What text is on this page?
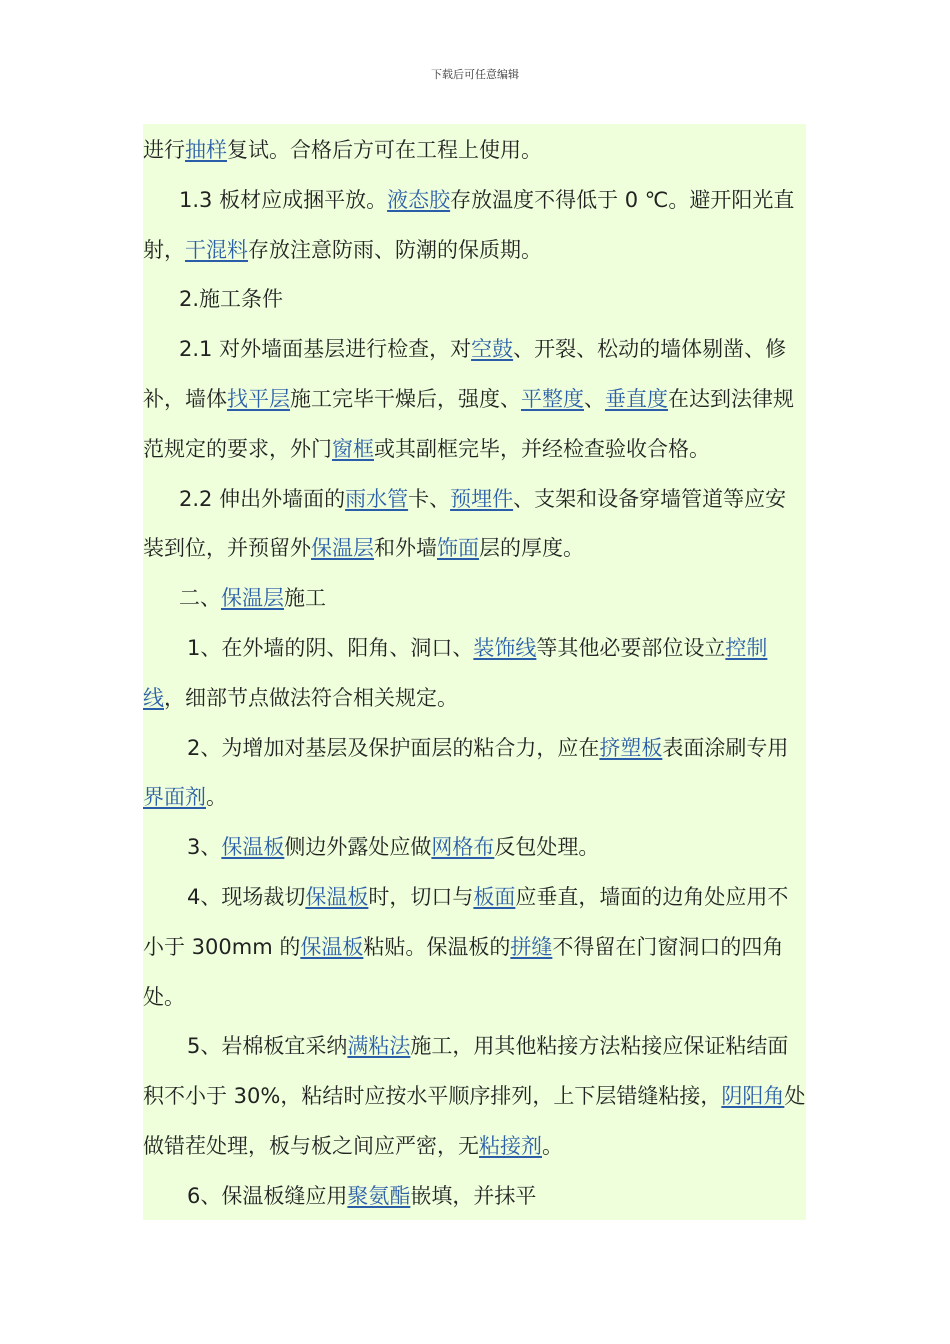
下载后可任意编辑

进行抽样复试。合格后方可在工程上使用。

1.3 板材应成捆平放。液态胶存放温度不得低于 0 ℃。避开阳光直射，干混料存放注意防雨、防潮的保质期。

2.施工条件

2.1 对外墙面基层进行检查，对空鼓、开裂、松动的墙体剔凿、修补，墙体找平层施工完毕干燥后，强度、平整度、垂直度在达到法律规范规定的要求，外门窗框或其副框完毕，并经检查验收合格。

2.2 伸出外墙面的雨水管卡、预埋件、支架和设备穿墙管道等应安装到位，并预留外保温层和外墙饰面层的厚度。

二、保温层施工

1、在外墙的阴、阳角、洞口、装饰线等其他必要部位设立控制线，细部节点做法符合相关规定。

2、为增加对基层及保护面层的粘合力，应在挤塑板表面涂刷专用界面剂。

3、保温板侧边外露处应做网格布反包处理。

4、现场裁切保温板时，切口与板面应垂直，墙面的边角处应用不小于 300mm 的保温板粘贴。保温板的拼缝不得留在门窗洞口的四角处。

5、岩棉板宜采纳满粘法施工，用其他粘接方法粘接应保证粘结面积不小于 30%，粘结时应按水平顺序排列，上下层错缝粘接，阴阳角处做错茬处理，板与板之间应严密，无粘接剂。

6、保温板缝应用聚氨酯嵌填，并抹平
